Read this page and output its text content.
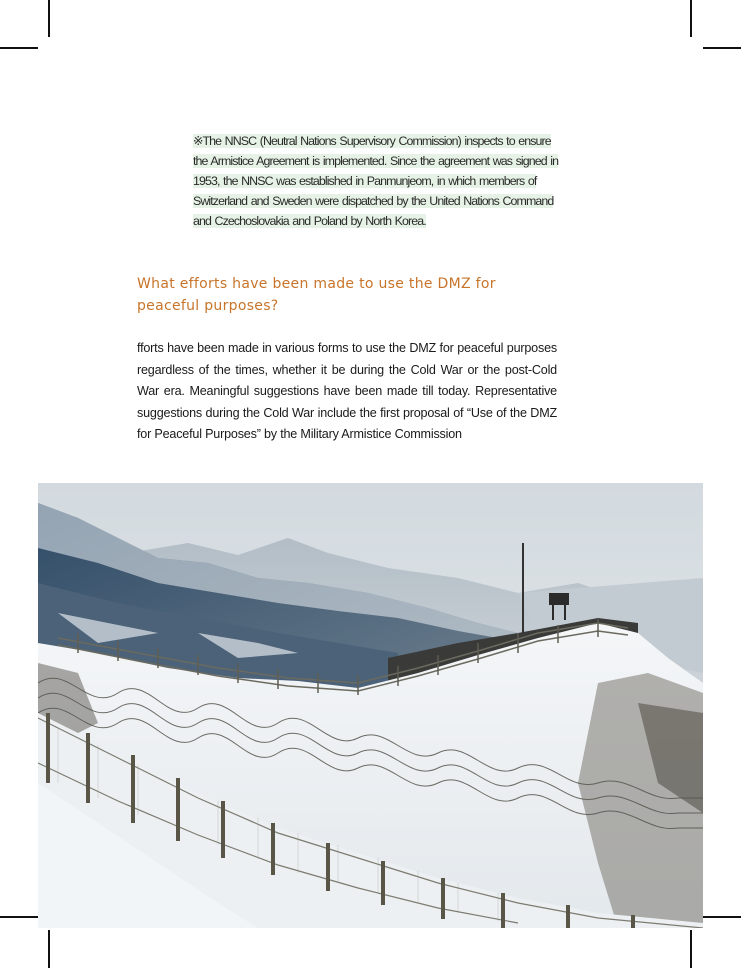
※The NNSC (Neutral Nations Supervisory Commission) inspects to ensure the Armistice Agreement is implemented. Since the agreement was signed in 1953, the NNSC was established in Panmunjeom, in which members of Switzerland and Sweden were dispatched by the United Nations Command and Czechoslovakia and Poland by North Korea.
What efforts have been made to use the DMZ for peaceful purposes?

fforts have been made in various forms to use the DMZ for peaceful purposes regardless of the times, whether it be during the Cold War or the post-Cold War era. Meaningful suggestions have been made till today. Representative suggestions during the Cold War include the first proposal of “Use of the DMZ for Peaceful Purposes” by the Military Armistice Commission
